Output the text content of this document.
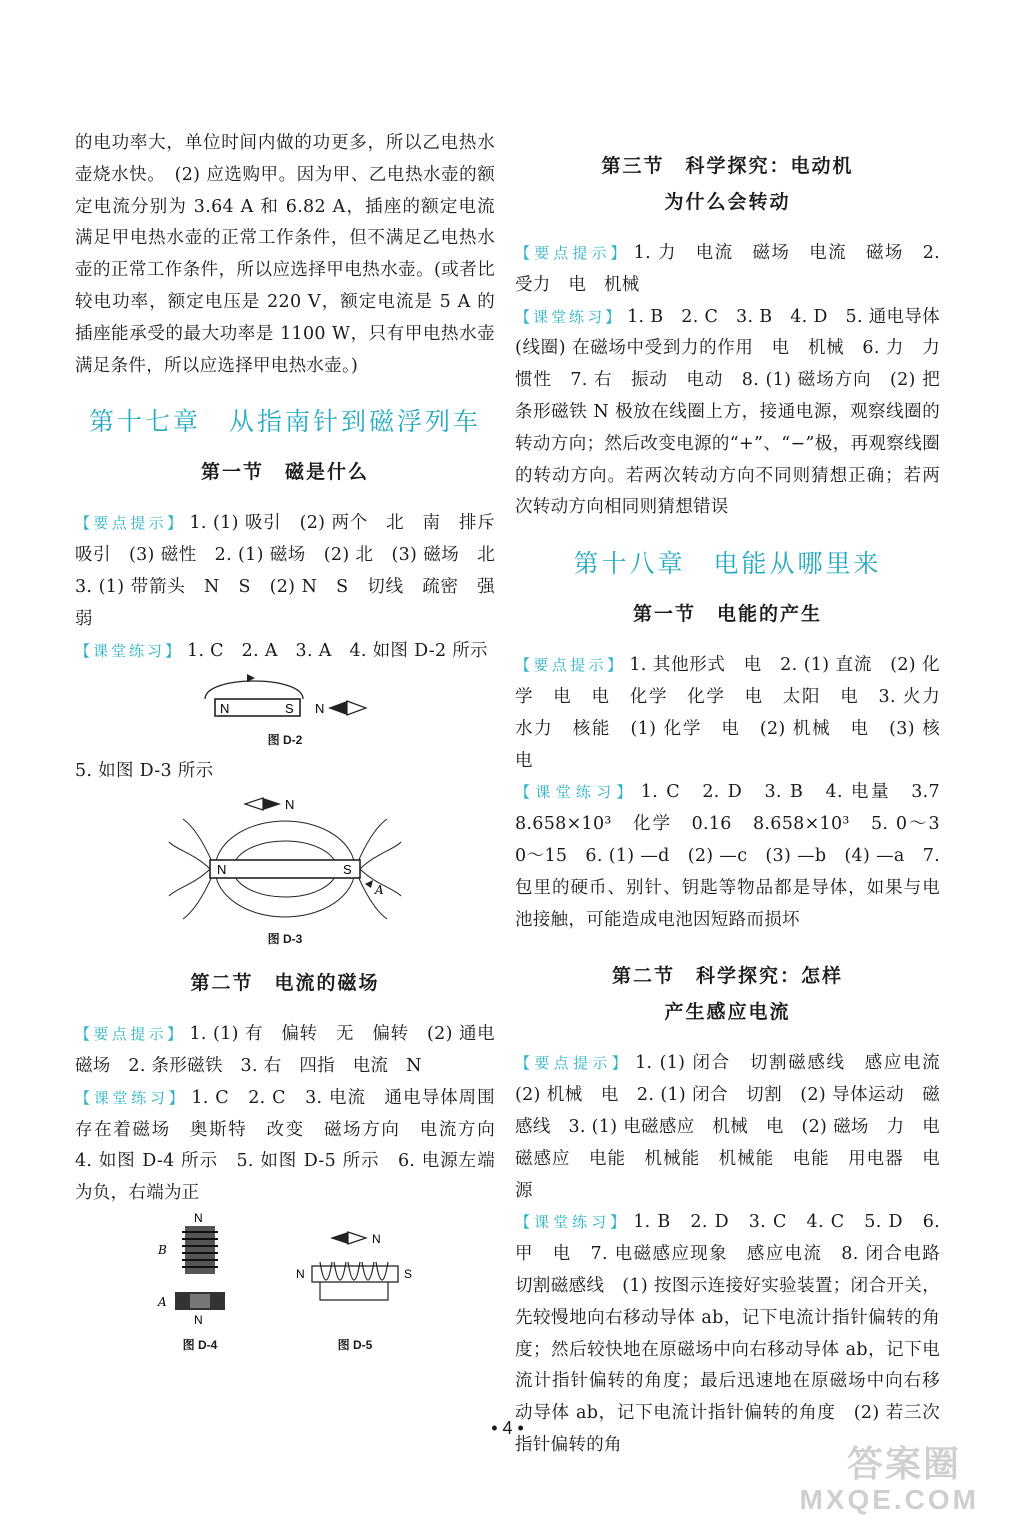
的电功率大，单位时间内做的功更多，所以乙电热水壶烧水快。　(2) 应选购甲。因为甲、乙电热水壶的额定电流分别为 3.64 A 和 6.82 A，插座的额定电流满足甲电热水壶的正常工作条件，但不满足乙电热水壶的正常工作条件，所以应选择甲电热水壶。(或者比较电功率，额定电压是 220 V，额定电流是 5 A 的插座能承受的最大功率是 1100 W，只有甲电热水壶满足条件，所以应选择甲电热水壶。)

第十七章　从指南针到磁浮列车
第一节　磁是什么

【要点提示】 1. (1) 吸引　(2) 两个　北　南　排斥　吸引　(3) 磁性　2. (1) 磁场　(2) 北　(3) 磁场　北　3. (1) 带箭头　N　S　(2) N　S　切线　疏密　强　弱

【课堂练习】 1. C　2. A　3. A　4. 如图 D-2 所示

N	S N
图 D-2

5. 如图 D-3 所示

N
N	S
A
图 D-3
第二节　电流的磁场

【要点提示】 1. (1) 有　偏转　无　偏转　(2) 通电　磁场　2. 条形磁铁　3. 右　四指　电流　N

【课堂练习】 1. C　2. C　3. 电流　通电导体周围存在着磁场　奥斯特　改变　磁场方向　电流方向　4. 如图 D-4 所示　5. 如图 D-5 所示　6. 电源左端为负，右端为正

N
B
A
N
图 D-4
N
N	S
图 D-5
第三节　科学探究：电动机
为什么会转动

【要点提示】 1. 力　电流　磁场　电流　磁场　2. 受力　电　机械

【课堂练习】 1. B　2. C　3. B　4. D　5. 通电导体 (线圈) 在磁场中受到力的作用　电　机械　6. 力　力　惯性　7. 右　振动　电动　8. (1) 磁场方向　(2) 把条形磁铁 N 极放在线圈上方，接通电源，观察线圈的转动方向；然后改变电源的“+”、“−”极，再观察线圈的转动方向。若两次转动方向不同则猜想正确；若两次转动方向相同则猜想错误

第十八章　电能从哪里来
第一节　电能的产生

【要点提示】 1. 其他形式　电　2. (1) 直流　(2) 化学　电　电　化学　化学　电　太阳　电　3. 火力　水力　核能　(1) 化学　电　(2) 机械　电　(3) 核　电

【课堂练习】 1. C　2. D　3. B　4. 电量　3.7　8.658×10³　化学　0.16　8.658×10³　5. 0～3　0～15　6. (1) —d　(2) —c　(3) —b　(4) —a　7. 包里的硬币、别针、钥匙等物品都是导体，如果与电池接触，可能造成电池因短路而损坏

第二节　科学探究：怎样
产生感应电流

【要点提示】 1. (1) 闭合　切割磁感线　感应电流　(2) 机械　电　2. (1) 闭合　切割　(2) 导体运动　磁感线　3. (1) 电磁感应　机械　电　(2) 磁场　力　电磁感应　电能　机械能　机械能　电能　用电器　电源

【课堂练习】 1. B　2. D　3. C　4. C　5. D　6. 甲　电　7. 电磁感应现象　感应电流　8. 闭合电路　切割磁感线　(1) 按图示连接好实验装置；闭合开关，先较慢地向右移动导体 ab，记下电流计指针偏转的角度；然后较快地在原磁场中向右移动导体 ab，记下电流计指针偏转的角度；最后迅速地在原磁场中向右移动导体 ab，记下电流计指针偏转的角度　(2) 若三次指针偏转的角

• 4 •
答案圈
MXQE.COM
